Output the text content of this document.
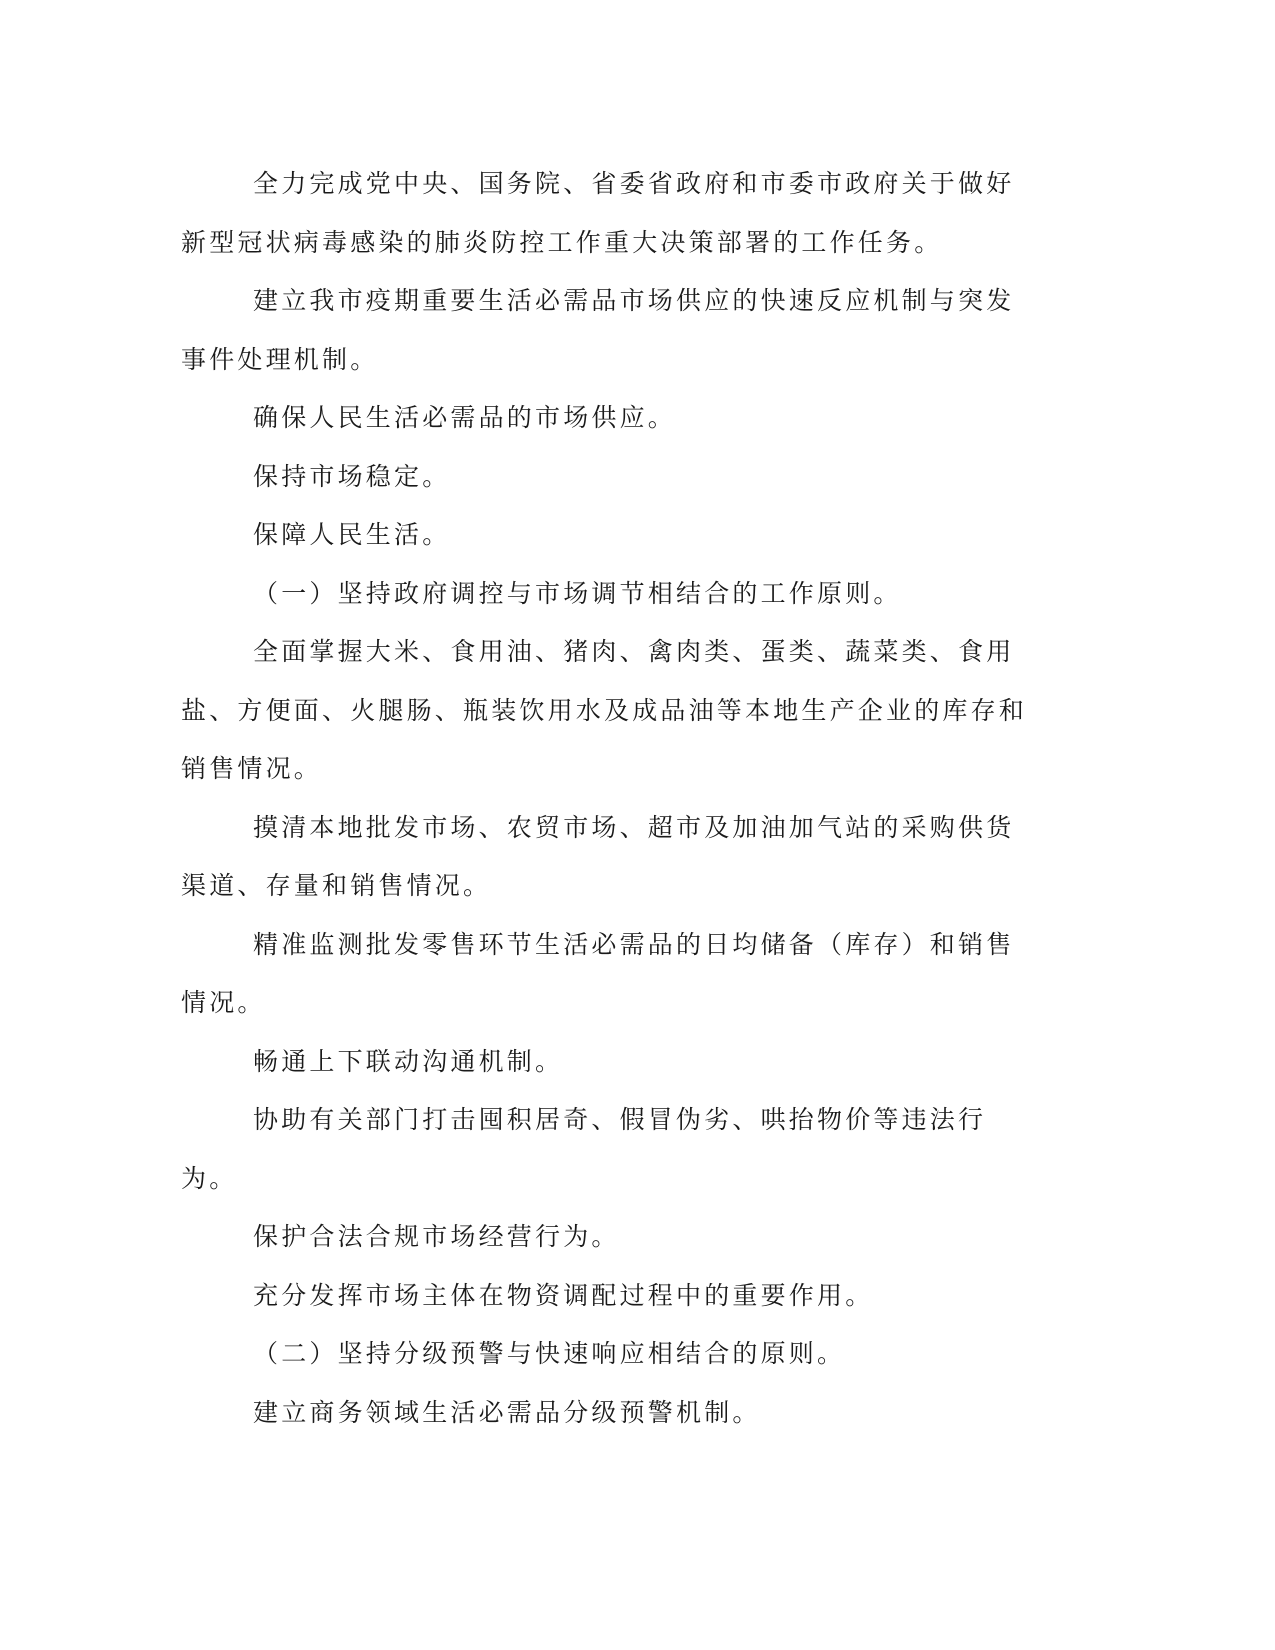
全力完成党中央、国务院、省委省政府和市委市政府关于做好新型冠状病毒感染的肺炎防控工作重大决策部署的工作任务。

建立我市疫期重要生活必需品市场供应的快速反应机制与突发事件处理机制。

确保人民生活必需品的市场供应。

保持市场稳定。

保障人民生活。

（一）坚持政府调控与市场调节相结合的工作原则。

全面掌握大米、食用油、猪肉、禽肉类、蛋类、蔬菜类、食用盐、方便面、火腿肠、瓶装饮用水及成品油等本地生产企业的库存和销售情况。

摸清本地批发市场、农贸市场、超市及加油加气站的采购供货渠道、存量和销售情况。

精准监测批发零售环节生活必需品的日均储备（库存）和销售情况。

畅通上下联动沟通机制。

协助有关部门打击囤积居奇、假冒伪劣、哄抬物价等违法行为。

保护合法合规市场经营行为。

充分发挥市场主体在物资调配过程中的重要作用。

（二）坚持分级预警与快速响应相结合的原则。

建立商务领域生活必需品分级预警机制。
